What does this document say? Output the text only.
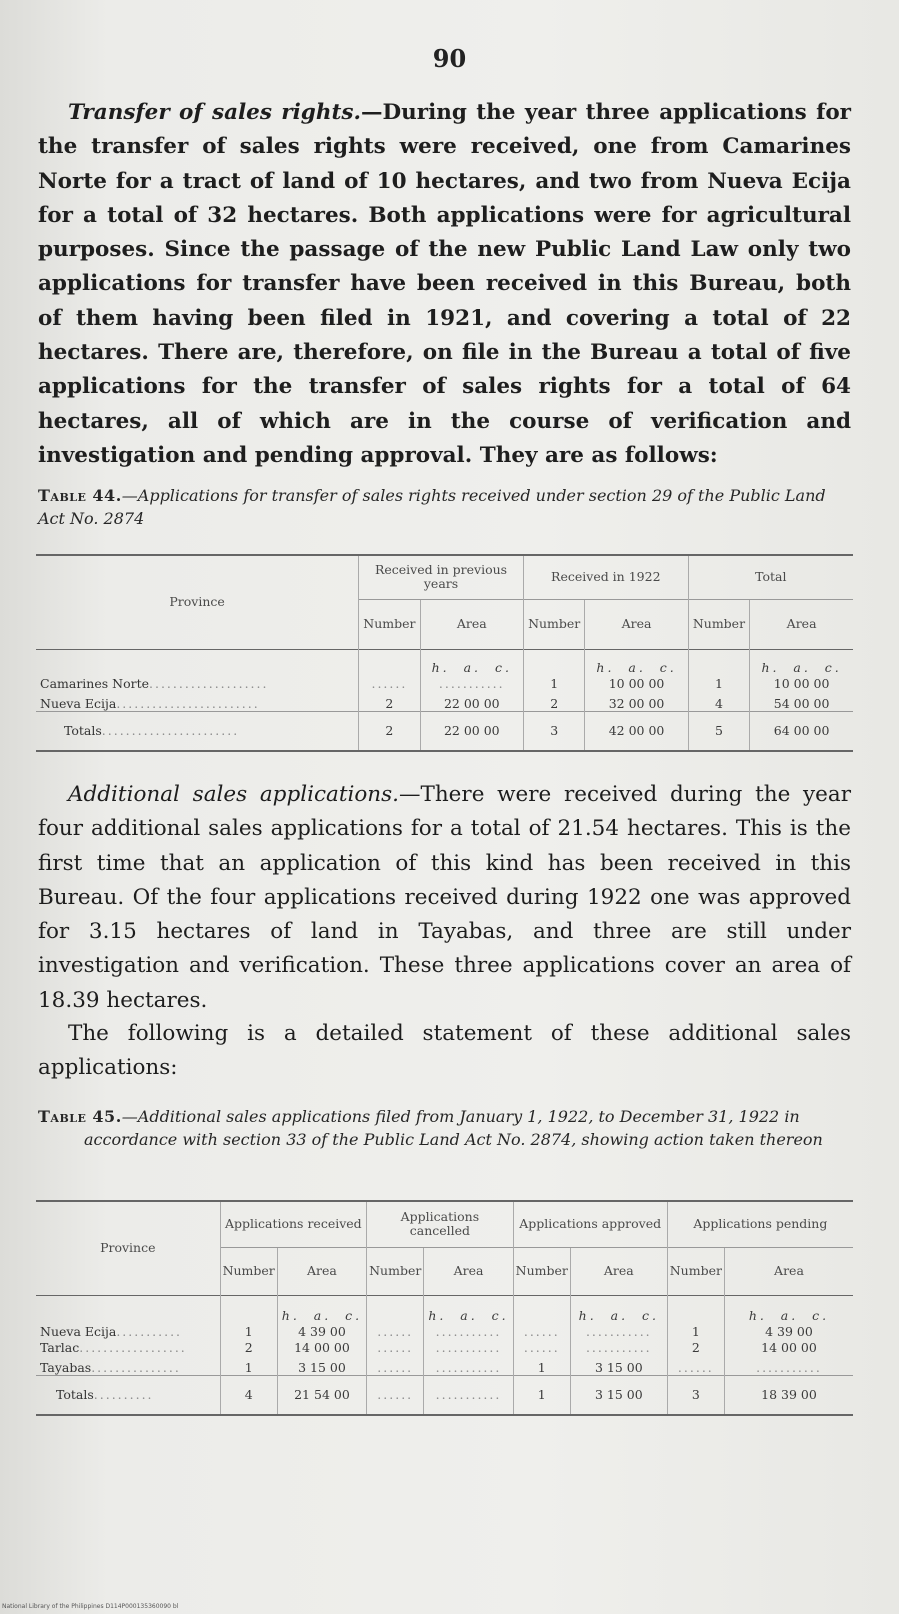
90

Transfer of sales rights.—During the year three applications for the transfer of sales rights were received, one from Camarines Norte for a tract of land of 10 hectares, and two from Nueva Ecija for a total of 32 hectares. Both applications were for agricultural purposes. Since the passage of the new Public Land Law only two applications for transfer have been received in this Bureau, both of them having been filed in 1921, and covering a total of 22 hectares. There are, therefore, on file in the Bureau a total of five applications for the transfer of sales rights for a total of 64 hectares, all of which are in the course of verification and investigation and pending approval. They are as follows:

Table 44.—Applications for transfer of sales rights received under section 29 of the Public Land Act No. 2874

Province	Received in previous years		Received in 1922		Total	
	Number	Area	Number	Area	Number	Area
		h.  a.  c.		h.  a.  c.		h.  a.  c.
Camarines Norte....................	......	...........	1	10 00 00	1	10 00 00
Nueva Ecija........................	2	22 00 00	2	32 00 00	4	54 00 00
Totals.......................	2	22 00 00	3	42 00 00	5	64 00 00

Additional sales applications.—There were received during the year four additional sales applications for a total of 21.54 hectares. This is the first time that an application of this kind has been received in this Bureau. Of the four applications received during 1922 one was approved for 3.15 hectares of land in Tayabas, and three are still under investigation and verification. These three applications cover an area of 18.39 hectares.

The following is a detailed statement of these additional sales applications:

Table 45.—Additional sales applications filed from January 1, 1922, to December 31, 1922 in accordance with section 33 of the Public Land Act No. 2874, showing action taken thereon

Province	Applications received		Applications cancelled		Applications approved		Applications pending	
	Number	Area	Number	Area	Number	Area	Number	Area
		h.  a.  c.		h.  a.  c.		h.  a.  c.		h.  a.  c.
Nueva Ecija...........	1	4 39 00	......	...........	......	...........	1	4 39 00
Tarlac..................	2	14 00 00	......	...........	......	...........	2	14 00 00
Tayabas...............	1	3 15 00	......	...........	1	3 15 00	......	...........
Totals..........	4	21 54 00	......	...........	1	3 15 00	3	18 39 00
National Library of the Philippines D114P000135360090 bl
